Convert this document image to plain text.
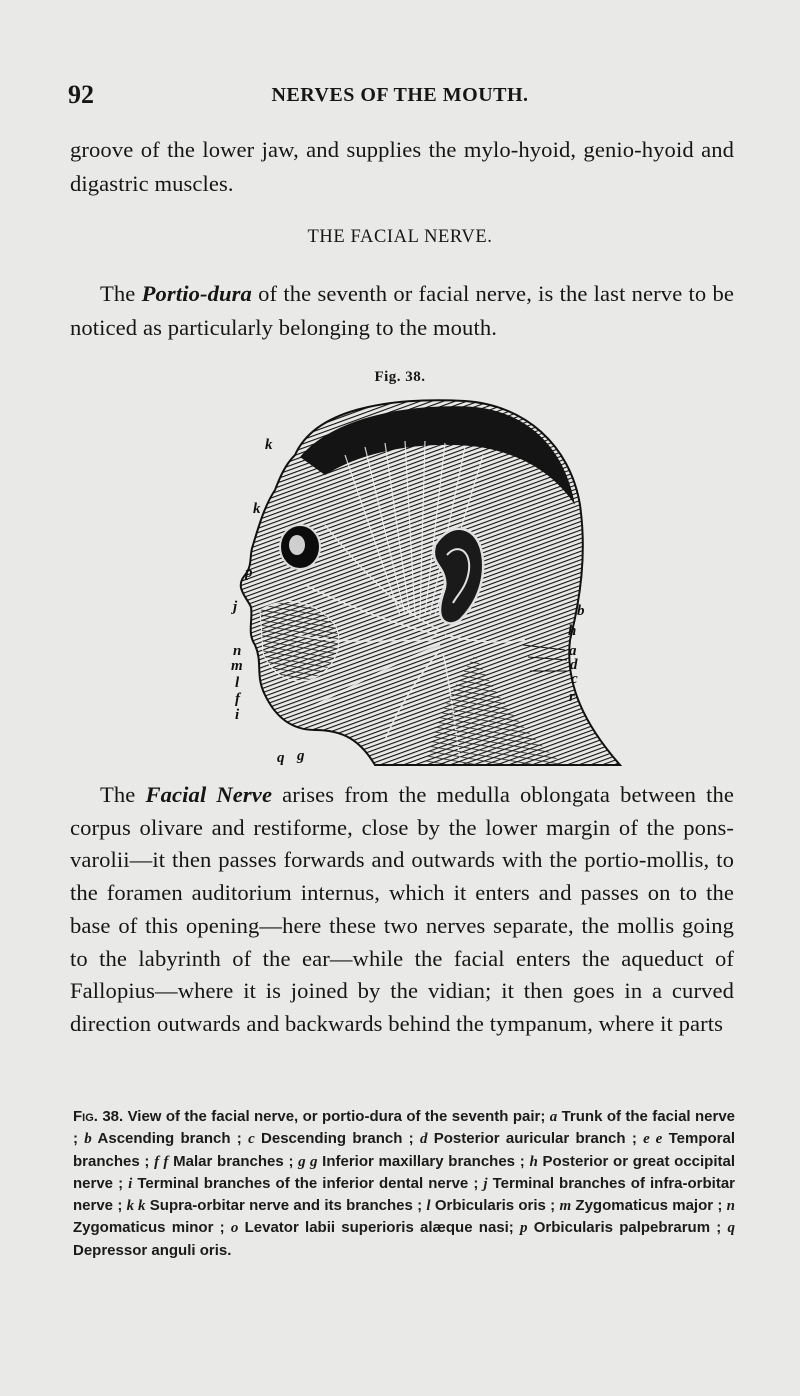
92	NERVES OF THE MOUTH.

groove of the lower jaw, and supplies the mylo-hyoid, genio-hyoid and digastric muscles.

THE FACIAL NERVE.

The Portio-dura of the seventh or facial nerve, is the last nerve to be noticed as particularly belonging to the mouth.

Fig. 38.
k
k
p
j
n
m
l
f
i
q g
b
h
a
d
c
r

The Facial Nerve arises from the medulla oblongata between the corpus olivare and restiforme, close by the lower margin of the pons-varolii—it then passes forwards and outwards with the portio-mollis, to the foramen auditorium internus, which it enters and passes on to the base of this opening—here these two nerves separate, the mollis going to the labyrinth of the ear—while the facial enters the aqueduct of Fallopius—where it is joined by the vidian; it then goes in a curved direction outwards and backwards behind the tympanum, where it parts

Fig. 38. View of the facial nerve, or portio-dura of the seventh pair; a Trunk of the facial nerve ; b Ascending branch ; c Descending branch ; d Posterior auricular branch ; e e Temporal branches ; f f Malar branches ; g g Inferior maxillary branches ; h Posterior or great occipital nerve ; i Terminal branches of the inferior dental nerve ; j Terminal branches of infra-orbitar nerve ; k k Supra-orbitar nerve and its branches ; l Orbicularis oris ; m Zygomaticus major ; n Zygomaticus minor ; o Levator labii superioris alæque nasi; p Orbicularis palpebrarum ; q Depressor anguli oris.
